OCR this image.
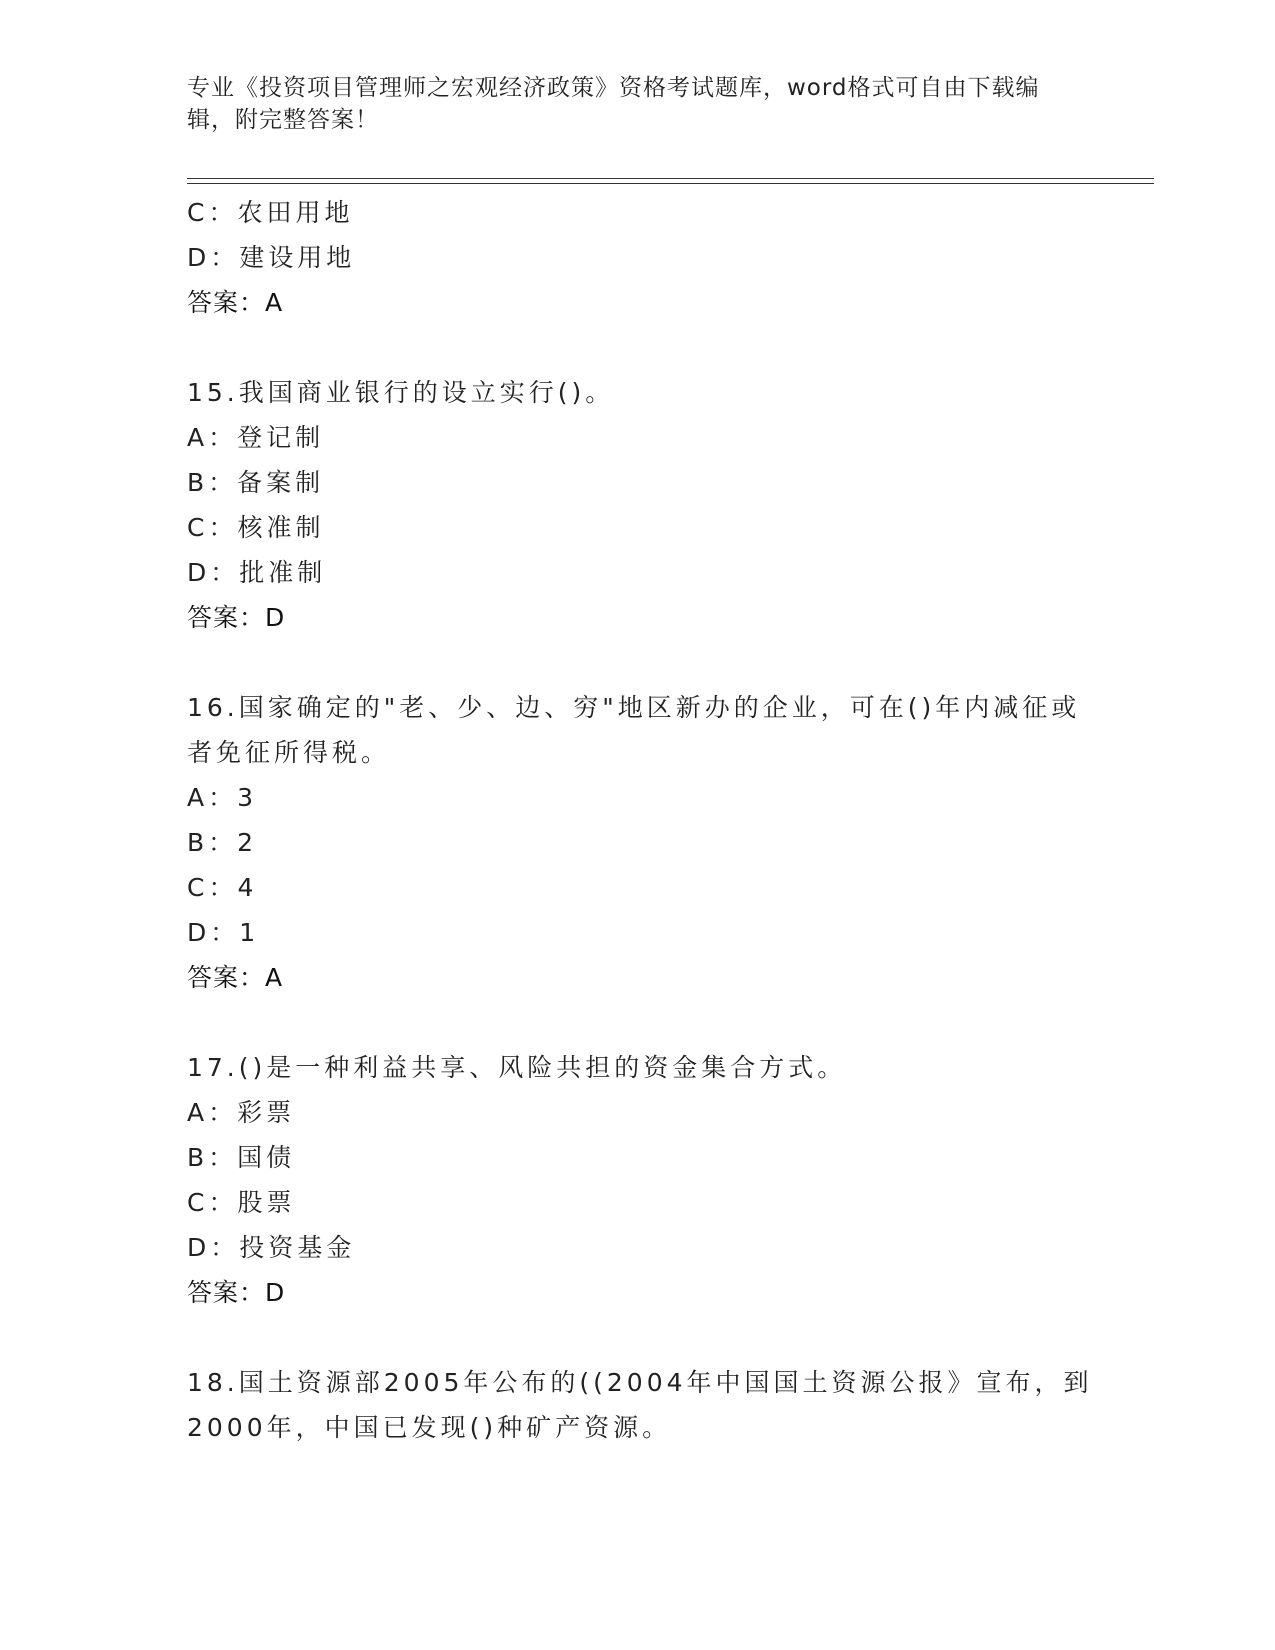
专业《投资项目管理师之宏观经济政策》资格考试题库，word格式可自由下载编
辑，附完整答案！
C：农田用地
D：建设用地
答案：A
15.我国商业银行的设立实行()。
A：登记制
B：备案制
C：核准制
D：批准制
答案：D
16.国家确定的"老、少、边、穷"地区新办的企业，可在()年内减征或
者免征所得税。
A：3
B：2
C：4
D：1
答案：A
17.()是一种利益共享、风险共担的资金集合方式。
A：彩票
B：国债
C：股票
D：投资基金
答案：D
18.国土资源部2005年公布的((2004年中国国土资源公报》宣布，到
2000年，中国已发现()种矿产资源。
